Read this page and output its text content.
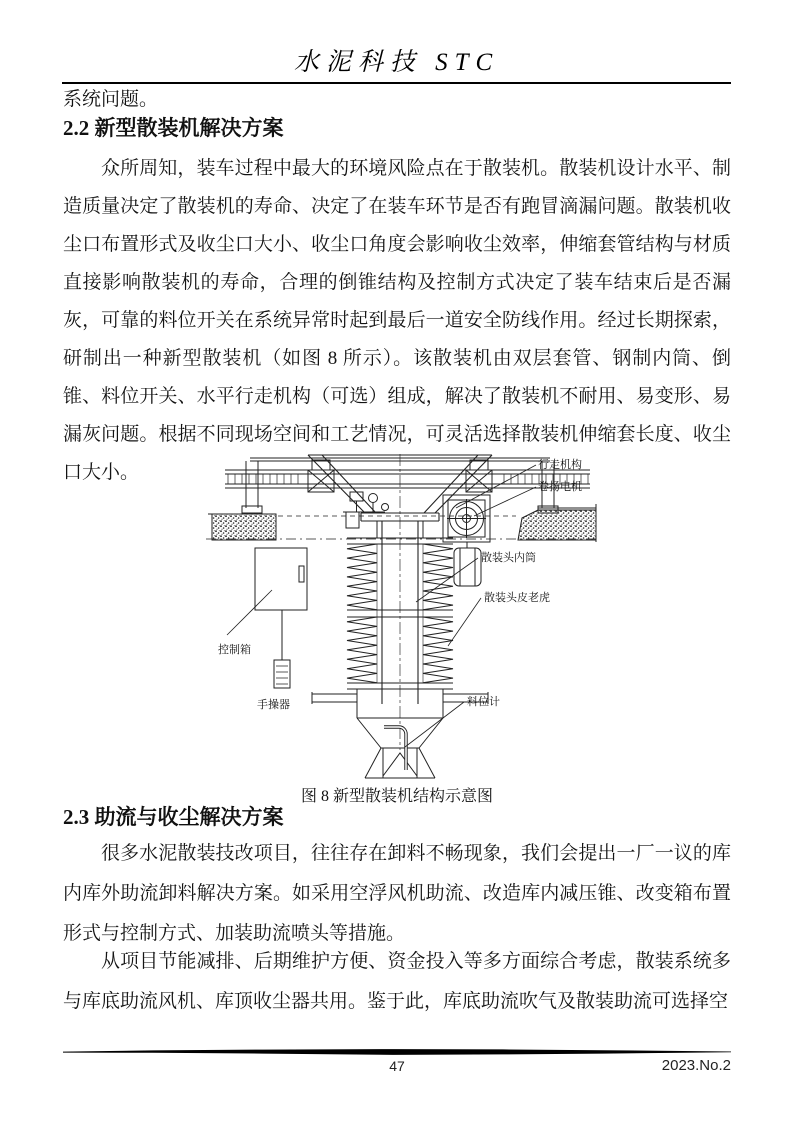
水泥科技 STC
系统问题。
2.2 新型散装机解决方案
众所周知，装车过程中最大的环境风险点在于散装机。散装机设计水平、制造质量决定了散装机的寿命、决定了在装车环节是否有跑冒滴漏问题。散装机收尘口布置形式及收尘口大小、收尘口角度会影响收尘效率，伸缩套管结构与材质直接影响散装机的寿命，合理的倒锥结构及控制方式决定了装车结束后是否漏灰，可靠的料位开关在系统异常时起到最后一道安全防线作用。经过长期探索，研制出一种新型散装机（如图 8 所示）。该散装机由双层套管、钢制内筒、倒锥、料位开关、水平行走机构（可选）组成，解决了散装机不耐用、易变形、易漏灰问题。根据不同现场空间和工艺情况，可灵活选择散装机伸缩套长度、收尘口大小。	行走机构
卷扬电机
散装头内筒
散装头皮老虎
控制箱
手操器	料位计
图 8 新型散装机结构示意图
2.3 助流与收尘解决方案
很多水泥散装技改项目，往往存在卸料不畅现象，我们会提出一厂一议的库内库外助流卸料解决方案。如采用空浮风机助流、改造库内减压锥、改变箱布置形式与控制方式、加装助流喷头等措施。
从项目节能减排、后期维护方便、资金投入等多方面综合考虑，散装系统多与库底助流风机、库顶收尘器共用。鉴于此，库底助流吹气及散装助流可选择空
47	2023.No.2
